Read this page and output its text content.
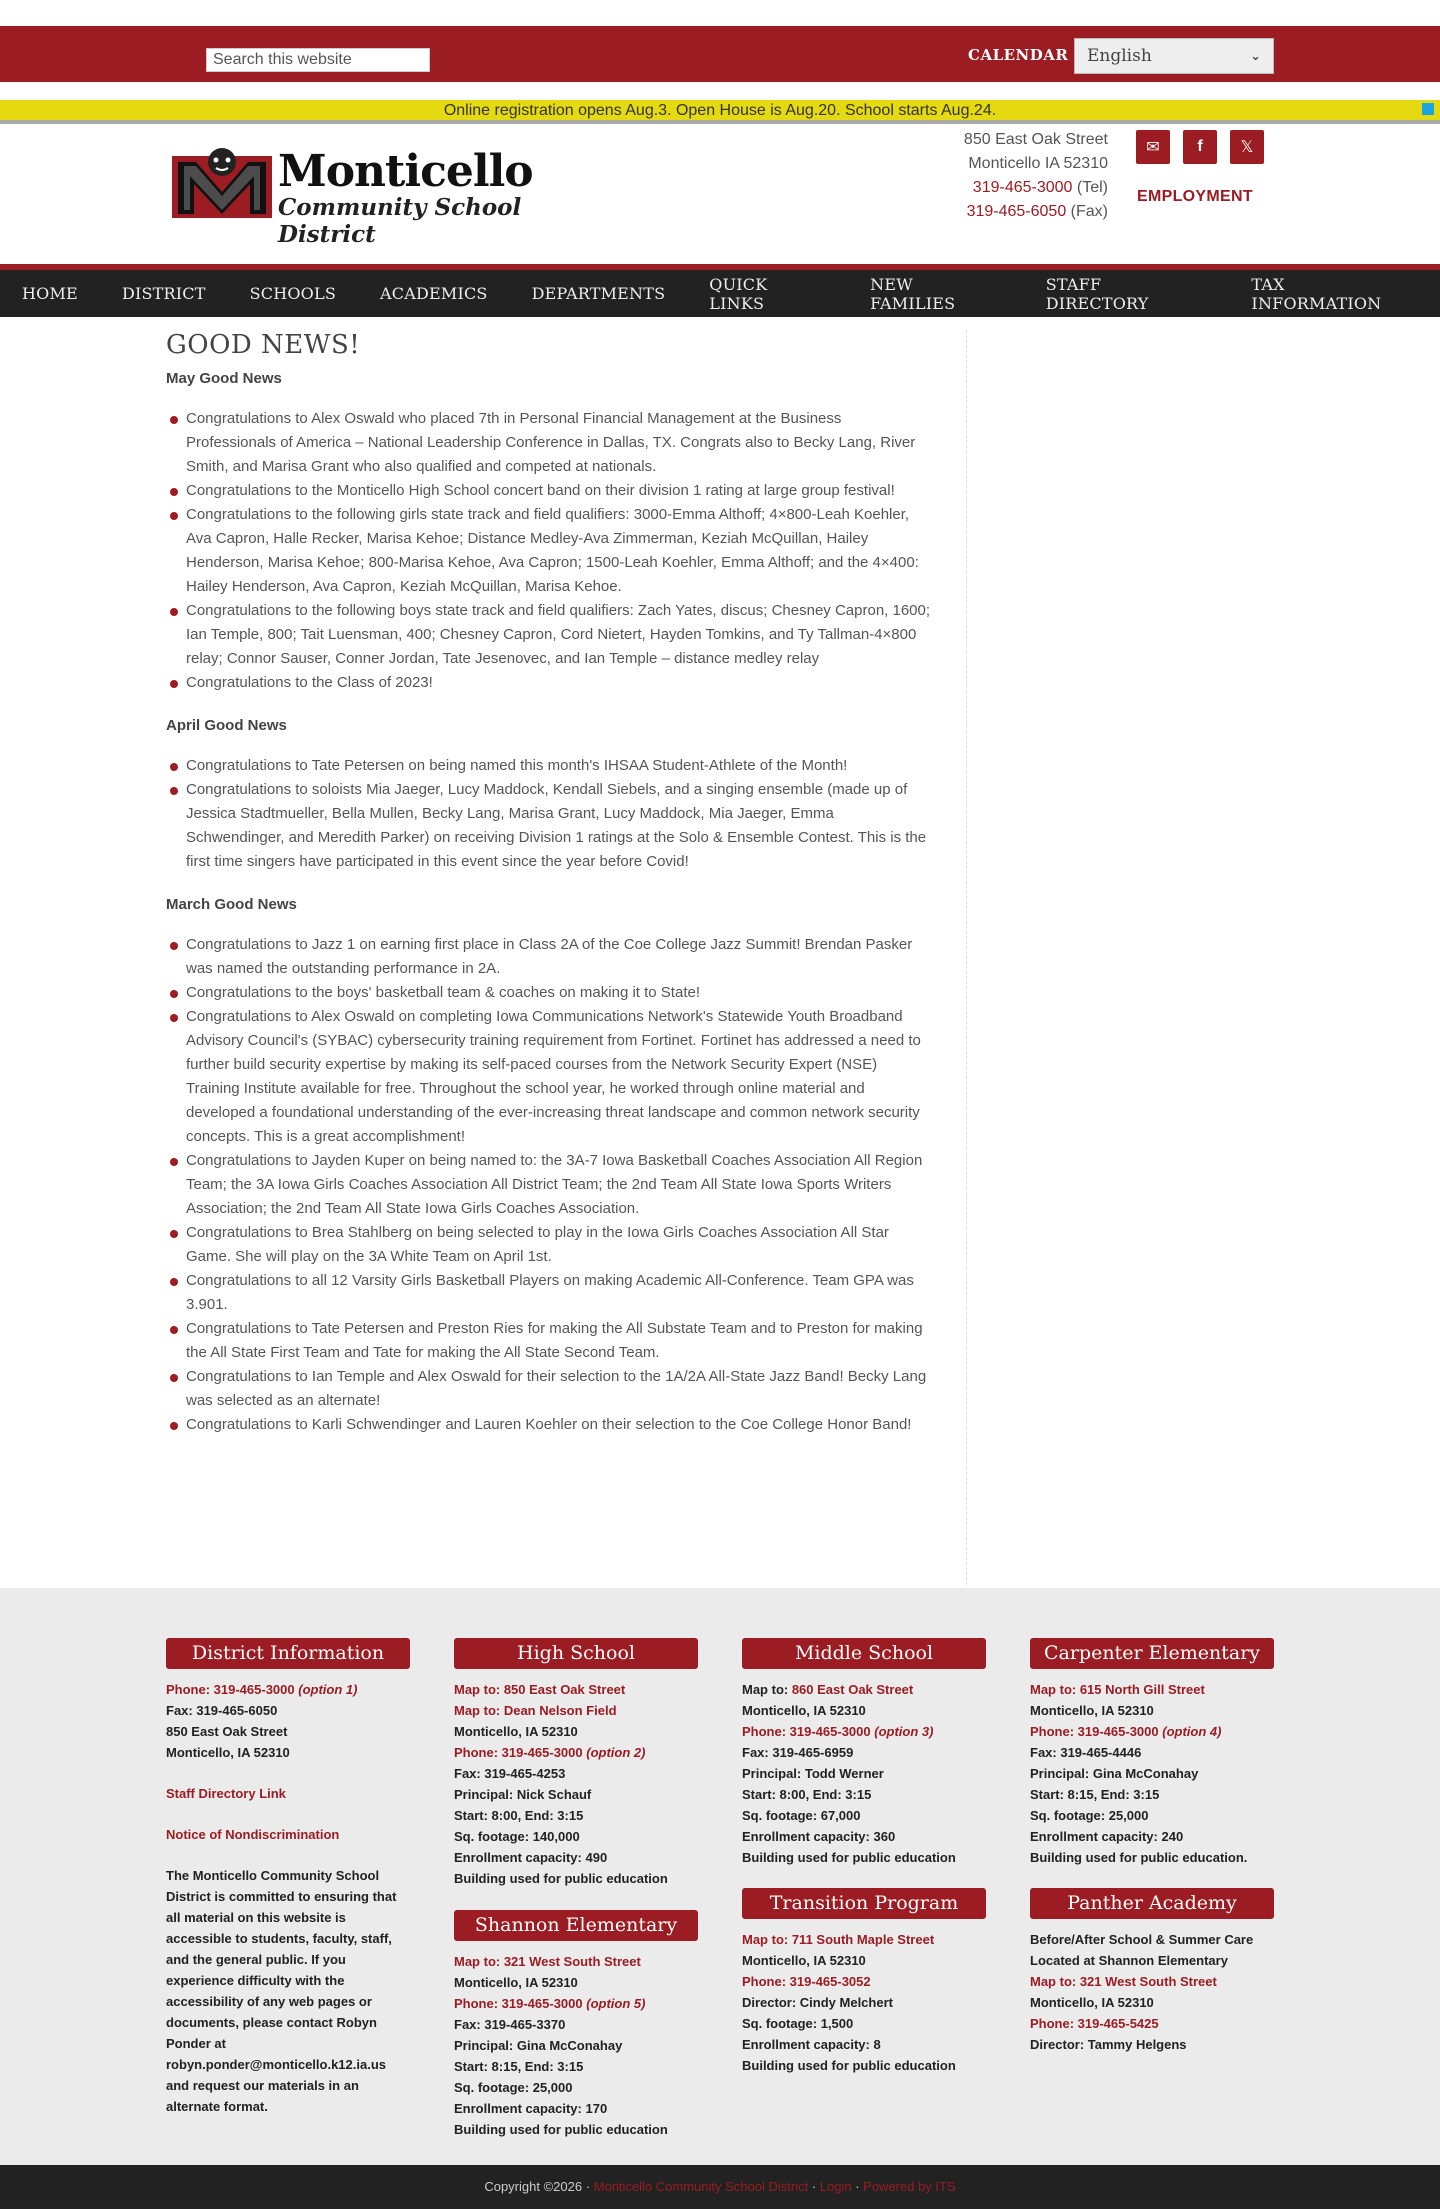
Search this website	CALENDAR English	⌄
Online registration opens Aug.3. Open House is Aug.20. School starts Aug.24.
Monticello
Community School District
850 East Oak Street
Monticello IA 52310
319-465-3000 (Tel)
319-465-6050 (Fax)
✉	f	𝕏
EMPLOYMENT
HOME	DISTRICT	SCHOOLS	ACADEMICS	DEPARTMENTS	QUICK LINKS
NEW FAMILIES
STAFF DIRECTORY
TAX INFORMATION
GOOD NEWS!
May Good News
Congratulations to Alex Oswald who placed 7th in Personal Financial Management at the Business Professionals of America – National Leadership Conference in Dallas, TX. Congrats also to Becky Lang, River Smith, and Marisa Grant who also qualified and competed at nationals.
Congratulations to the Monticello High School concert band on their division 1 rating at large group festival!
Congratulations to the following girls state track and field qualifiers: 3000-Emma Althoff; 4×800-Leah Koehler, Ava Capron, Halle Recker, Marisa Kehoe; Distance Medley-Ava Zimmerman, Keziah McQuillan, Hailey Henderson, Marisa Kehoe; 800-Marisa Kehoe, Ava Capron; 1500-Leah Koehler, Emma Althoff; and the 4×400: Hailey Henderson, Ava Capron, Keziah McQuillan, Marisa Kehoe.
Congratulations to the following boys state track and field qualifiers: Zach Yates, discus; Chesney Capron, 1600; Ian Temple, 800; Tait Luensman, 400; Chesney Capron, Cord Nietert, Hayden Tomkins, and Ty Tallman-4×800 relay; Connor Sauser, Conner Jordan, Tate Jesenovec, and Ian Temple – distance medley relay
Congratulations to the Class of 2023!
April Good News
Congratulations to Tate Petersen on being named this month's IHSAA Student-Athlete of the Month!
Congratulations to soloists Mia Jaeger, Lucy Maddock, Kendall Siebels, and a singing ensemble (made up of Jessica Stadtmueller, Bella Mullen, Becky Lang, Marisa Grant, Lucy Maddock, Mia Jaeger, Emma Schwendinger, and Meredith Parker) on receiving Division 1 ratings at the Solo & Ensemble Contest. This is the first time singers have participated in this event since the year before Covid!
March Good News
Congratulations to Jazz 1 on earning first place in Class 2A of the Coe College Jazz Summit! Brendan Pasker was named the outstanding performance in 2A.
Congratulations to the boys' basketball team & coaches on making it to State!
Congratulations to Alex Oswald on completing Iowa Communications Network's Statewide Youth Broadband Advisory Council's (SYBAC) cybersecurity training requirement from Fortinet. Fortinet has addressed a need to further build security expertise by making its self-paced courses from the Network Security Expert (NSE) Training Institute available for free. Throughout the school year, he worked through online material and developed a foundational understanding of the ever-increasing threat landscape and common network security concepts. This is a great accomplishment!
Congratulations to Jayden Kuper on being named to: the 3A-7 Iowa Basketball Coaches Association All Region Team; the 3A Iowa Girls Coaches Association All District Team; the 2nd Team All State Iowa Sports Writers Association; the 2nd Team All State Iowa Girls Coaches Association.
Congratulations to Brea Stahlberg on being selected to play in the Iowa Girls Coaches Association All Star Game. She will play on the 3A White Team on April 1st.
Congratulations to all 12 Varsity Girls Basketball Players on making Academic All-Conference. Team GPA was 3.901.
Congratulations to Tate Petersen and Preston Ries for making the All Substate Team and to Preston for making the All State First Team and Tate for making the All State Second Team.
Congratulations to Ian Temple and Alex Oswald for their selection to the 1A/2A All-State Jazz Band! Becky Lang was selected as an alternate!
Congratulations to Karli Schwendinger and Lauren Koehler on their selection to the Coe College Honor Band!
District Information

Phone: 319-465-3000 (option 1)

Fax: 319-465-6050

850 East Oak Street

Monticello, IA 52310

Staff Directory Link

Notice of Nondiscrimination

The Monticello Community School District is committed to ensuring that all material on this website is accessible to students, faculty, staff, and the general public. If you experience difficulty with the accessibility of any web pages or documents, please contact Robyn Ponder at robyn.ponder@monticello.k12.ia.us and request our materials in an alternate format.

High School

Map to: 850 East Oak Street

Map to: Dean Nelson Field

Monticello, IA 52310

Phone: 319-465-3000 (option 2)

Fax: 319-465-4253

Principal: Nick Schauf

Start: 8:00, End: 3:15

Sq. footage: 140,000

Enrollment capacity: 490

Building used for public education

Shannon Elementary

Map to: 321 West South Street

Monticello, IA 52310

Phone: 319-465-3000 (option 5)

Fax: 319-465-3370

Principal: Gina McConahay

Start: 8:15, End: 3:15

Sq. footage: 25,000

Enrollment capacity: 170

Building used for public education

Middle School

Map to: 860 East Oak Street

Monticello, IA 52310

Phone: 319-465-3000 (option 3)

Fax: 319-465-6959

Principal: Todd Werner

Start: 8:00, End: 3:15

Sq. footage: 67,000

Enrollment capacity: 360

Building used for public education

Transition Program

Map to: 711 South Maple Street

Monticello, IA 52310

Phone: 319-465-3052

Director: Cindy Melchert

Sq. footage: 1,500

Enrollment capacity: 8

Building used for public education

Carpenter Elementary

Map to: 615 North Gill Street

Monticello, IA 52310

Phone: 319-465-3000 (option 4)

Fax: 319-465-4446

Principal: Gina McConahay

Start: 8:15, End: 3:15

Sq. footage: 25,000

Enrollment capacity: 240

Building used for public education.

Panther Academy

Before/After School & Summer Care

Located at Shannon Elementary

Map to: 321 West South Street

Monticello, IA 52310

Phone: 319-465-5425

Director: Tammy Helgens

Copyright ©2026 · Monticello Community School District · Login · Powered by ITS
